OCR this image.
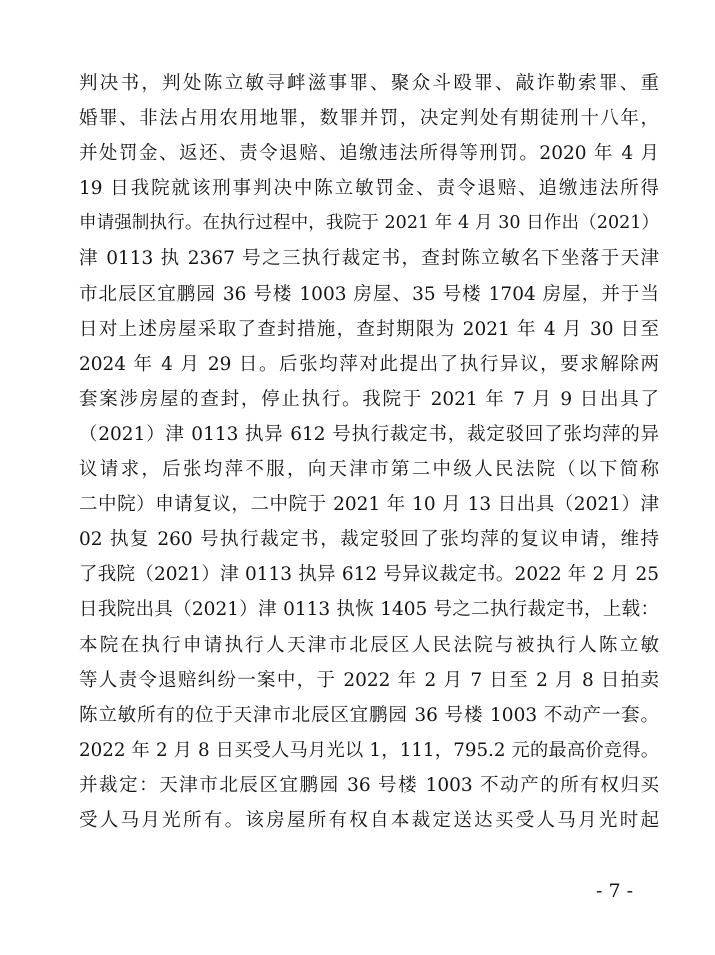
判决书，判处陈立敏寻衅滋事罪、聚众斗殴罪、敲诈勒索罪、重
婚罪、非法占用农用地罪，数罪并罚，决定判处有期徒刑十八年，
并处罚金、返还、责令退赔、追缴违法所得等刑罚。2020 年 4 月
19 日我院就该刑事判决中陈立敏罚金、责令退赔、追缴违法所得
申请强制执行。在执行过程中，我院于 2021 年 4 月 30 日作出（2021）
津 0113 执 2367 号之三执行裁定书，查封陈立敏名下坐落于天津
市北辰区宜鹏园 36 号楼 1003 房屋、35 号楼 1704 房屋，并于当
日对上述房屋采取了查封措施，查封期限为 2021 年 4 月 30 日至
2024 年 4 月 29 日。后张均萍对此提出了执行异议，要求解除两
套案涉房屋的查封，停止执行。我院于 2021 年 7 月 9 日出具了
（2021）津 0113 执异 612 号执行裁定书，裁定驳回了张均萍的异
议请求，后张均萍不服，向天津市第二中级人民法院（以下简称
二中院）申请复议，二中院于 2021 年 10 月 13 日出具（2021）津
02 执复 260 号执行裁定书，裁定驳回了张均萍的复议申请，维持
了我院（2021）津 0113 执异 612 号异议裁定书。2022 年 2 月 25
日我院出具（2021）津 0113 执恢 1405 号之二执行裁定书，上载：
本院在执行申请执行人天津市北辰区人民法院与被执行人陈立敏
等人责令退赔纠纷一案中，于 2022 年 2 月 7 日至 2 月 8 日拍卖
陈立敏所有的位于天津市北辰区宜鹏园 36 号楼 1003 不动产一套。
2022 年 2 月 8 日买受人马月光以 1，111，795.2 元的最高价竞得。
并裁定：天津市北辰区宜鹏园 36 号楼 1003 不动产的所有权归买
受人马月光所有。该房屋所有权自本裁定送达买受人马月光时起
- 7 -
